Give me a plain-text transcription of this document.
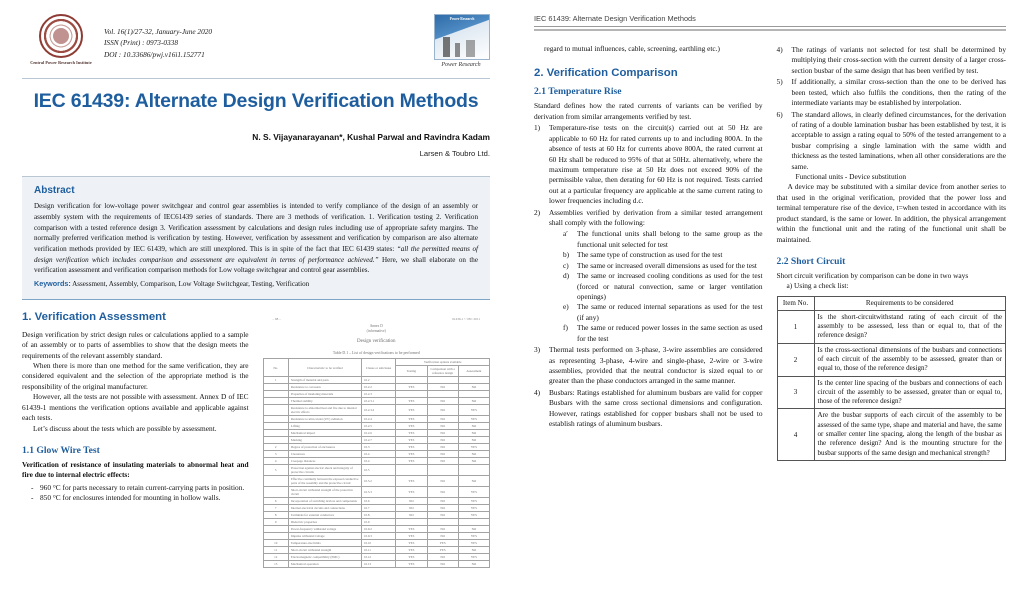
Central Power Research Institute
Vol. 16(1)/27-32, January-June 2020
ISSN (Print) : 0973-0338
DOI : 10.33686/pwj.v16i1.152771
Power Research
Power Research
IEC 61439: Alternate Design Verification Methods
N. S. Vijayanarayanan*, Kushal Parwal and Ravindra Kadam
Larsen & Toubro Ltd.
Abstract
Design verification for low-voltage power switchgear and control gear assemblies is intended to verify compliance of the design of an assembly or assembly system with the requirements of IEC61439 series of standards. There are 3 methods of verification. 1. Verification testing 2. Verification comparison with a tested reference design 3. Verification assessment by calculations and design rules including use of appropriate safety margins. The normally preferred verification method is verification by testing. However, verification by assessment and verification by comparison are also alternate verification methods provided by IEC 61439, which are still unexplored. This is in spite of the fact that IEC 61439 states: “all the permitted means of design verification which includes comparison and assessment are equivalent in terms of performance achieved.” Here, we shall elaborate on the verification assessment and verification comparison methods for Low voltage switchgear and control gear assemblies.
Keywords: Assessment, Assembly, Comparison, Low Voltage Switchgear, Testing, Verification
1. Verification Assessment

Design verification by strict design rules or calculations applied to a sample of an assembly or to parts of assemblies to show that the design meets the requirements of the relevant assembly standard.

When there is more than one method for the same verification, they are considered equivalent and the selection of the appropriate method is the responsibility of the original manufacturer.

However, all the tests are not possible with assessment. Annex D of IEC 61439-1 mentions the verification options available and applicable against each tests.

Let’s discuss about the tests which are possible by assessment.

1.1 Glow Wire Test

Verification of resistance of insulating materials to abnormal heat and fire due to internal electric effects:

- 960 °C for parts necessary to retain current-carrying parts in position.
- 850 °C for enclosures intended for mounting in hollow walls.
– 68 –	61439-1 © IEC 2011
Annex D
(informative)
Design verification
Table D.1 – List of design verifications to be performed
No.	Characteristic to be verified	Clause or subclause	Verification options available		
			Testing	Comparison with a reference design	Assessment
1	Strength of material and parts	10.2			
	Resistance to corrosion	10.2.2	YES	NO	NO
	Properties of insulating materials	10.2.3			
	Thermal stability	10.2.3.1	YES	NO	NO
	Resistance to abnormal heat and fire due to internal electric effects	10.2.3.2	YES	NO	YES
	Resistance to ultra-violet (UV) radiation	10.2.4	YES	NO	YES
	Lifting	10.2.5	YES	NO	NO
	Mechanical impact	10.2.6	YES	NO	NO
	Marking	10.2.7	YES	NO	NO
2	Degree of protection of enclosures	10.3	YES	NO	YES
3	Clearances	10.4	YES	NO	NO
4	Creepage distances	10.4	YES	NO	NO
5	Protection against electric shock and integrity of protective circuits	10.5			
	Effective continuity between the exposed conductive parts of the assembly and the protective circuit	10.5.2	YES	NO	NO
	Short-circuit withstand strength of the protective circuit	10.5.3	YES	NO	YES
6	Incorporation of switching devices and components	10.6	NO	NO	YES
7	Internal electrical circuits and connections	10.7	NO	NO	YES
8	Terminals for external conductors	10.8	NO	NO	YES
9	Dielectric properties	10.9			
	Power-frequency withstand voltage	10.9.2	YES	NO	NO
	Impulse withstand voltage	10.9.3	YES	NO	YES
10	Temperature-rise limits	10.10	YES	YES	YES
11	Short-circuit withstand strength	10.11	YES	YES	NO
12	Electromagnetic compatibility (EMC)	10.12	YES	NO	YES
13	Mechanical operation	10.13	YES	NO	NO
IEC 61439: Alternate Design Verification Methods

regard to mutual influences, cable, screening, earthling etc.)

2. Verification Comparison
2.1 Temperature Rise

Standard defines how the rated currents of variants can be verified by derivation from similar arrangements verified by test.

Temperature-rise tests on the circuit(s) carried out at 50 Hz are applicable to 60 Hz for rated currents up to and including 800A. In the absence of tests at 60 Hz for currents above 800A, the rated current at 60 Hz shall be reduced to 95% of that at 50Hz. alternatively, where the maximum temperature rise at 50 Hz does not exceed 90% of the permissible value, then derating for 60 Hz is not required. Tests carried out at a particular frequency are applicable at the same current rating to lower frequencies including d.c.
Assemblies verified by derivation from a similar tested arrangement shall comply with the following:
a′ The functional units shall belong to the same group as the functional unit selected for test
The same type of construction as used for the test
The same or increased overall dimensions as used for the test
The same or increased cooling conditions as used for the test (forced or natural convection, same or larger ventilation openings)
The same or reduced internal separations as used for the test (if any)
The same or reduced power losses in the same section as used for the test
Thermal tests performed on 3-phase, 3-wire assemblies are considered as representing 3-phase, 4-wire and single-phase, 2-wire or 3-wire assemblies, provided that the neutral conductor is sized equal to or greater than the phase conductors arranged in the same manner.
Busbars: Ratings established for aluminum busbars are valid for copper Busbars with the same cross sectional dimensions and configuration. However, ratings established for copper busbars shall not be used to establish ratings of aluminum busbars.
The ratings of variants not selected for test shall be determined by multiplying their cross-section with the current density of a larger cross-section busbar of the same design that has been verified by test.
If additionally, a similar cross-section than the one to be derived has been tested, which also fulfils the conditions, then the rating of the intermediate variants may be established by interpolation.
The standard allows, in clearly defined circumstances, for the derivation of rating of a double lamination busbar has been established by test, it is acceptable to assign a rating equal to 50% of the tested arrangement to a busbar comprising a single lamination with the same width and thickness as the tested laminations, when all other considerations are the same.
Functional units - Device substitution

A device may be substituted with a similar device from another series to that used in the original verification, provided that the power loss and terminal temperature rise of the device, t=when tested in accordance with its product standard, is the same or lower. In addition, the physical arrangement within the functional unit and the rating of the functional unit shall be maintained.

2.2 Short Circuit

Short circuit verification by comparison can be done in two ways

a) Using a check list:

Item No.	Requirements to be considered
1	Is the short-circuitwithstand rating of each circuit of the assembly to be assessed, less than or equal to, that of the reference design?
2	Is the cross-sectional dimensions of the busbars and connections of each circuit of the assembly to be assessed, greater than or equal to, those of the reference design?
3	Is the center line spacing of the busbars and connections of each circuit of the assembly to be assessed, greater than or equal to, those of the reference design?
4	Are the busbar supports of each circuit of the assembly to be assessed of the same type, shape and material and have, the same or smaller center line spacing, along the length of the busbar as the reference design? And is the mounting structure for the busbar supports of the same design and mechanical strength?
